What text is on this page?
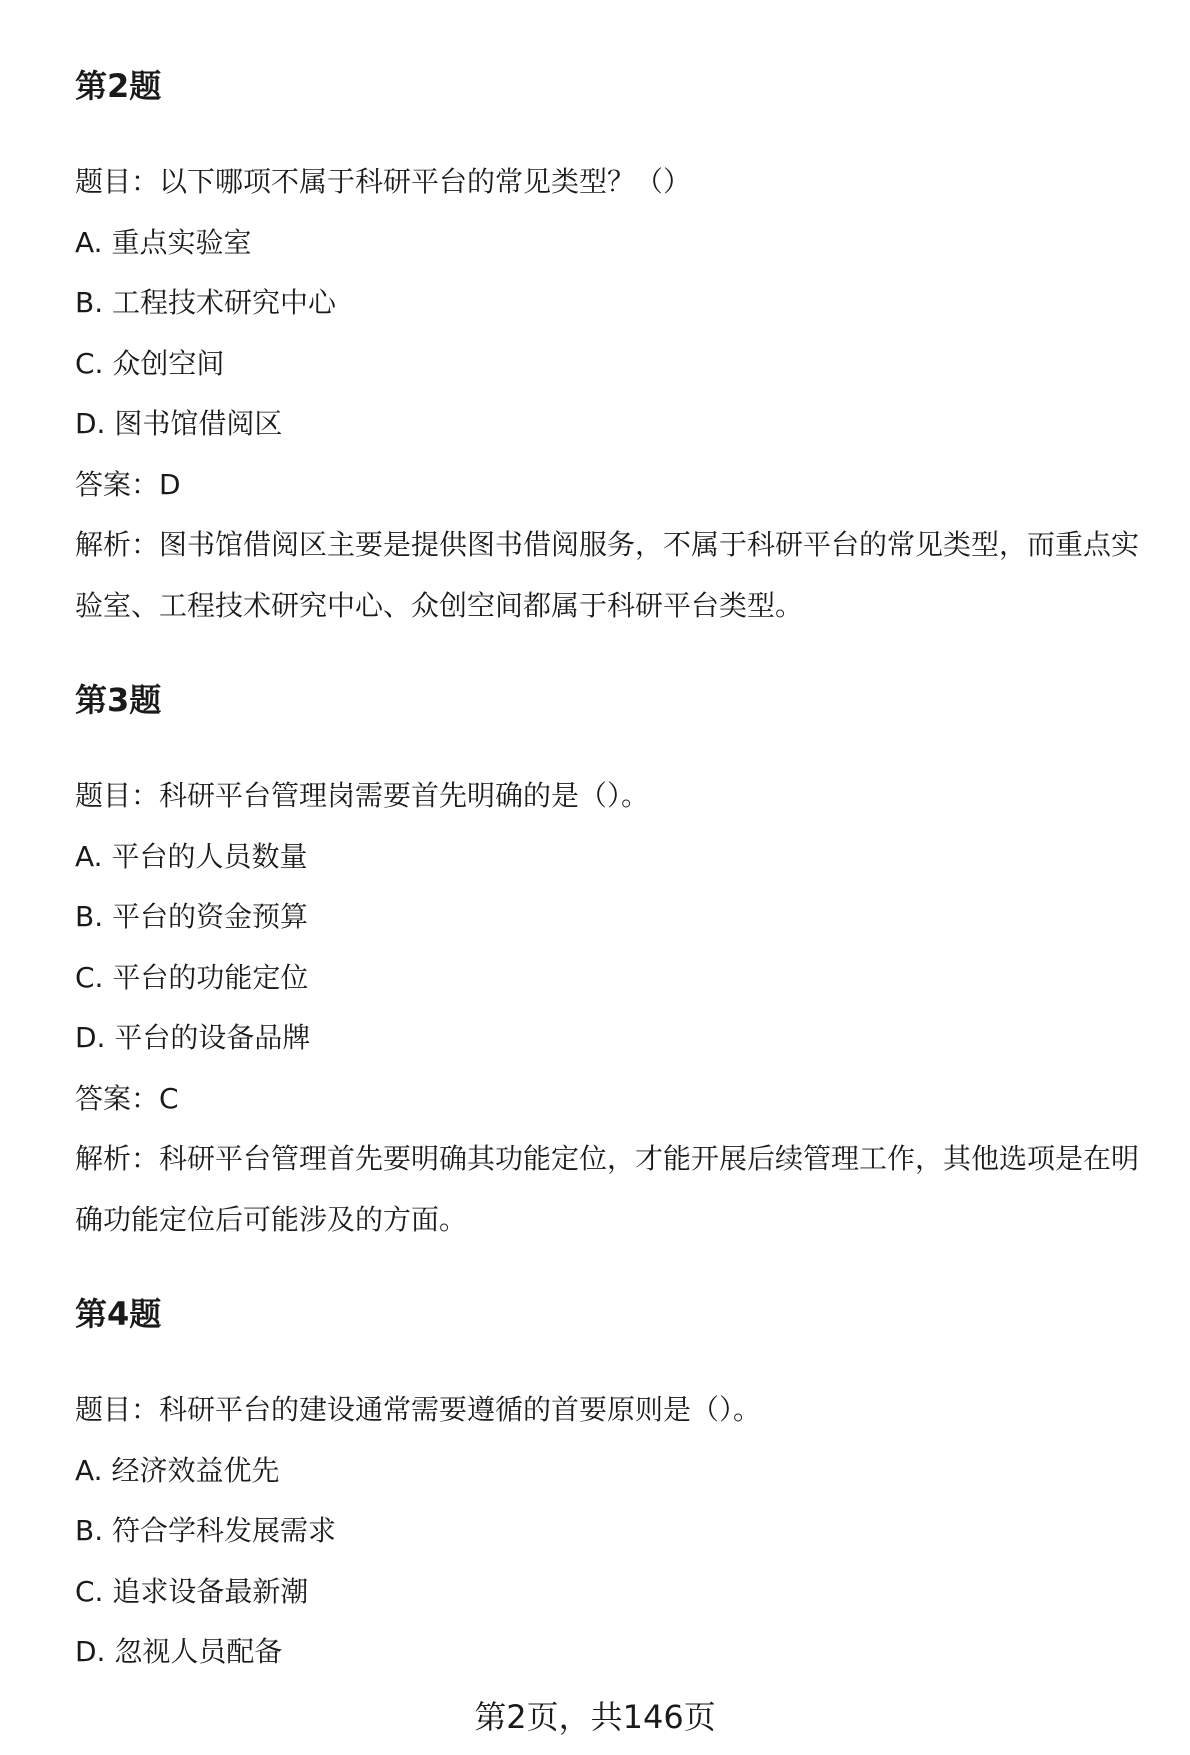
第2题
题目：以下哪项不属于科研平台的常见类型？（）
A. 重点实验室
B. 工程技术研究中心
C. 众创空间
D. 图书馆借阅区
答案：D
解析：图书馆借阅区主要是提供图书借阅服务，不属于科研平台的常见类型，而重点实验室、工程技术研究中心、众创空间都属于科研平台类型。
第3题
题目：科研平台管理岗需要首先明确的是（）。
A. 平台的人员数量
B. 平台的资金预算
C. 平台的功能定位
D. 平台的设备品牌
答案：C
解析：科研平台管理首先要明确其功能定位，才能开展后续管理工作，其他选项是在明确功能定位后可能涉及的方面。
第4题
题目：科研平台的建设通常需要遵循的首要原则是（）。
A. 经济效益优先
B. 符合学科发展需求
C. 追求设备最新潮
D. 忽视人员配备
第2页，共146页
